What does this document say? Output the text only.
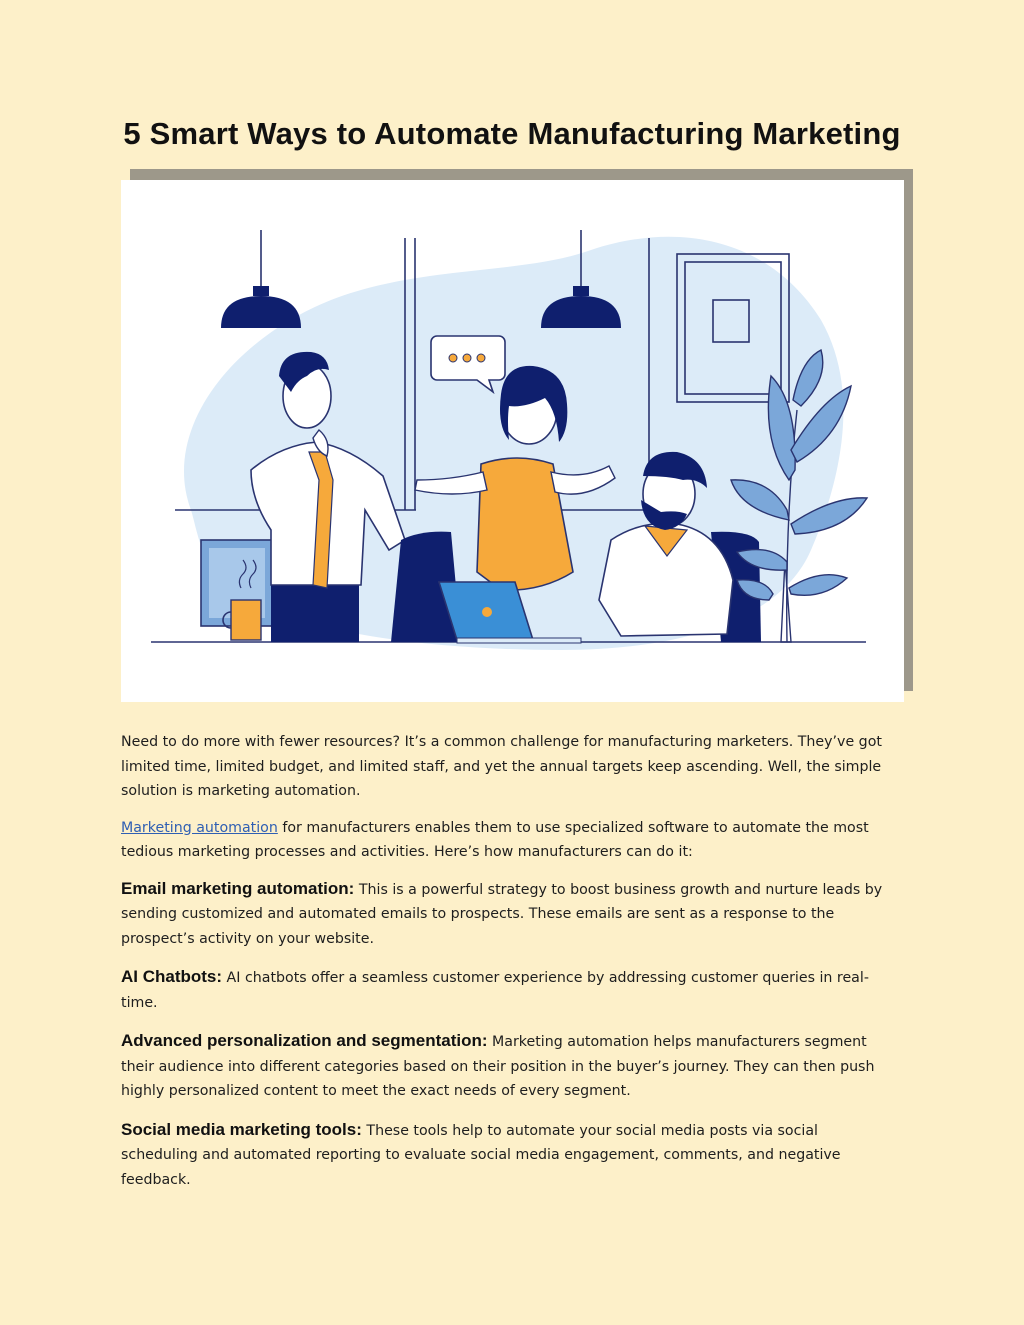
5 Smart Ways to Automate Manufacturing Marketing

Need to do more with fewer resources? It’s a common challenge for manufacturing marketers. They’ve got limited time, limited budget, and limited staff, and yet the annual targets keep ascending. Well, the simple solution is marketing automation.

Marketing automation for manufacturers enables them to use specialized software to automate the most tedious marketing processes and activities. Here’s how manufacturers can do it:

Email marketing automation: This is a powerful strategy to boost business growth and nurture leads by sending customized and automated emails to prospects. These emails are sent as a response to the prospect’s activity on your website.

AI Chatbots: AI chatbots offer a seamless customer experience by addressing customer queries in real-time.

Advanced personalization and segmentation: Marketing automation helps manufacturers segment their audience into different categories based on their position in the buyer’s journey. They can then push highly personalized content to meet the exact needs of every segment.

Social media marketing tools: These tools help to automate your social media posts via social scheduling and automated reporting to evaluate social media engagement, comments, and negative feedback.
